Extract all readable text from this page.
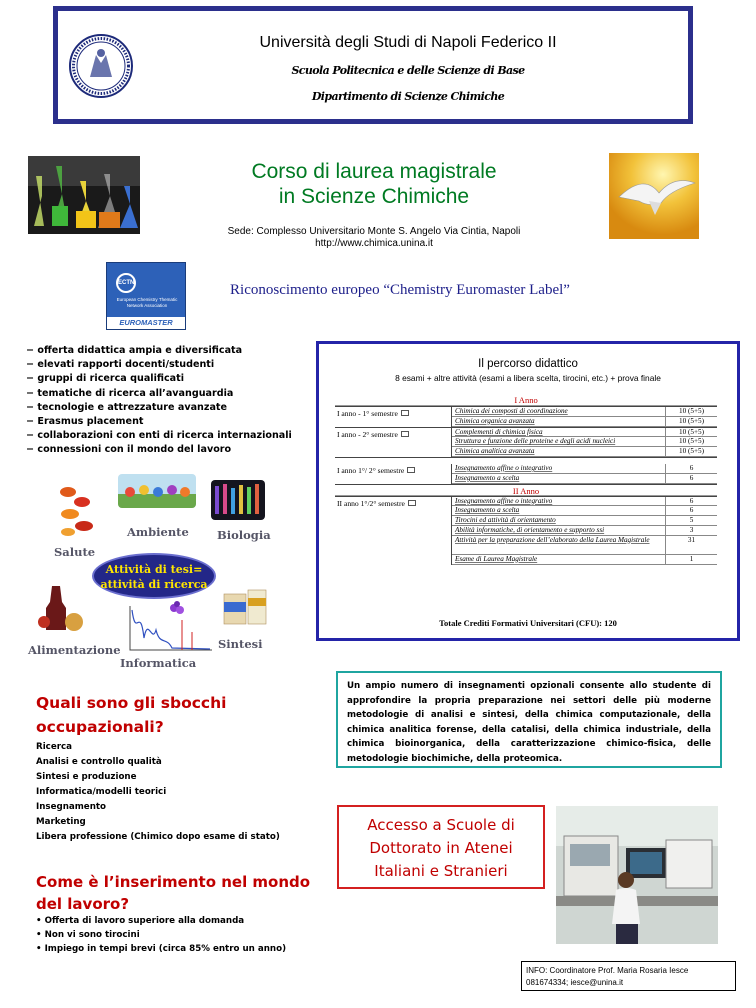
Università degli Studi di Napoli Federico II
Scuola Politecnica e delle Scienze di Base
Dipartimento di Scienze Chimiche
Corso di laurea magistrale
in Scienze Chimiche
Sede: Complesso Universitario Monte S. Angelo Via Cintia, Napoli
http://www.chimica.unina.it
ECTN
European Chemistry Thematic Network Association
EUROMASTER
Riconoscimento europeo “Chemistry Euromaster Label”
− offerta didattica ampia e diversificata
− elevati rapporti docenti/studenti
− gruppi di ricerca qualificati
− tematiche di ricerca all’avanguardia
− tecnologie e attrezzature avanzate
− Erasmus placement
− collaborazioni con enti di ricerca internazionali
− connessioni con il mondo del lavoro
Il percorso didattico
8 esami + altre attività (esami a libera scelta, tirocini, etc.) + prova finale
I Anno
I anno - 1° semestre	Chimica dei composti di coordinazione	10 (5+5)
Chimica organica avanzata	10 (5+5)
I anno - 2° semestre	Complementi di chimica fisica	10 (5+5)
Struttura e funzione delle proteine e degli acidi nucleici	10 (5+5)
Chimica analitica avanzata	10 (5+5)
I anno 1°/ 2° semestre	Insegnamento affine o integrativo	6
Insegnamento a scelta	6
II Anno
II anno 1°/2° semestre	Insegnamento affine o integrativo	6
Insegnamento a scelta	6
Tirocini ed attività di orientamento	5
Abilità informatiche, di orientamento e supporto ssi	3
Attività per la preparazione dell’elaborato della Laurea Magistrale	31
Esame di Laurea Magistrale	1
Totale Crediti Formativi Universitari (CFU): 120
Salute
Ambiente Biologia
Attività di tesi=
attività di ricerca
Alimentazione
Informatica
Sintesi
Quali sono gli sbocchi occupazionali?
Ricerca
Analisi e controllo qualità
Sintesi e produzione
Informatica/modelli teorici
Insegnamento
Marketing
Libera professione (Chimico dopo esame di stato)
Come è l’inserimento nel mondo del lavoro?
• Offerta di lavoro superiore alla domanda
• Non vi sono tirocini
• Impiego in tempi brevi (circa 85% entro un anno)
Un ampio numero di insegnamenti opzionali consente allo studente di approfondire la propria preparazione nei settori delle più moderne metodologie di analisi e sintesi, della chimica computazionale, della chimica analitica forense, della catalisi, della chimica industriale, della chimica bioinorganica, della caratterizzazione chimico-fisica, delle metodologie biochimiche, della proteomica.
Accesso a Scuole di
Dottorato in Atenei
Italiani e Stranieri
INFO: Coordinatore Prof. Maria Rosaria Iesce
081674334; iesce@unina.it
